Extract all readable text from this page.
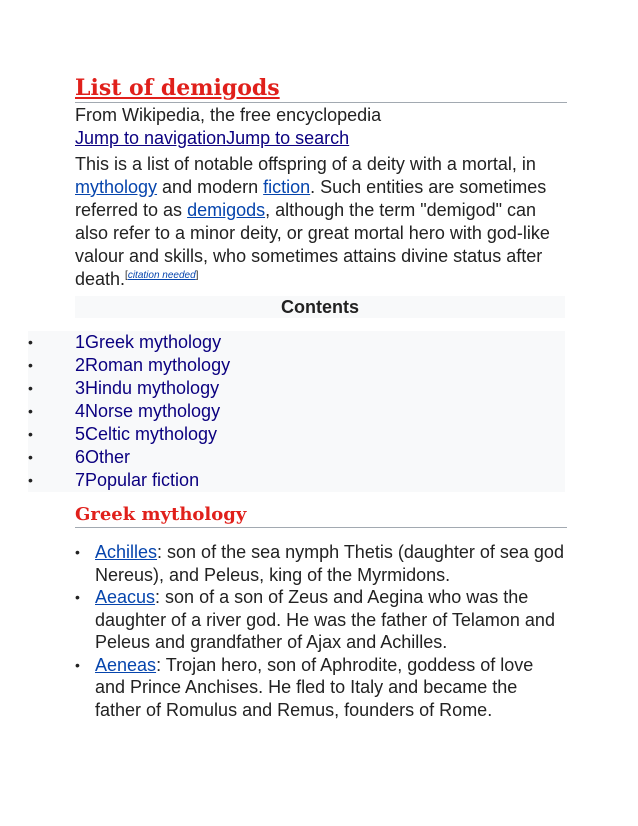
List of demigods
From Wikipedia, the free encyclopedia
Jump to navigationJump to search
This is a list of notable offspring of a deity with a mortal, in mythology and modern fiction. Such entities are sometimes referred to as demigods, although the term "demigod" can also refer to a minor deity, or great mortal hero with god-like valour and skills, who sometimes attains divine status after death.[citation needed]
Contents
• 1Greek mythology
• 2Roman mythology
• 3Hindu mythology
• 4Norse mythology
• 5Celtic mythology
• 6Other
• 7Popular fiction
Greek mythology
• Achilles: son of the sea nymph Thetis (daughter of sea god Nereus), and Peleus, king of the Myrmidons.
• Aeacus: son of a son of Zeus and Aegina who was the daughter of a river god. He was the father of Telamon and Peleus and grandfather of Ajax and Achilles.
• Aeneas: Trojan hero, son of Aphrodite, goddess of love and Prince Anchises. He fled to Italy and became the father of Romulus and Remus, founders of Rome.
